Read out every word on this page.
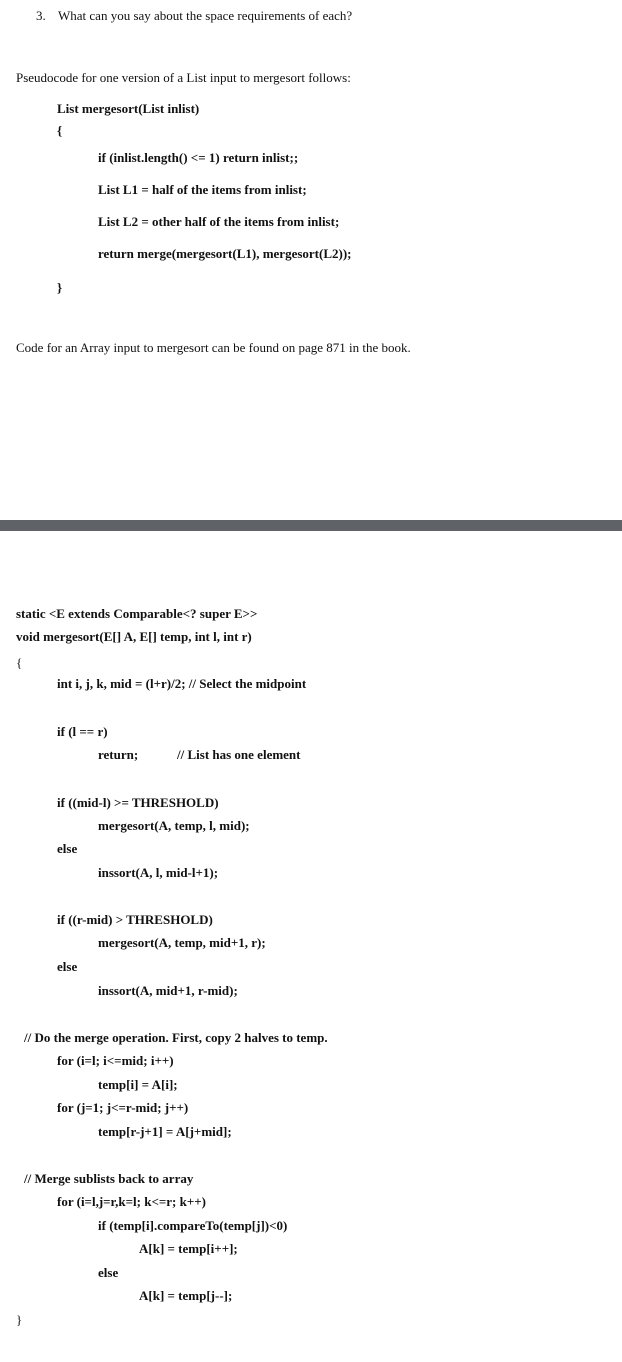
3. What can you say about the space requirements of each?
Pseudocode for one version of a List input to mergesort follows:
List mergesort(List inlist)
{
if (inlist.length() <= 1) return inlist;;
List L1 = half of the items from inlist;
List L2 = other half of the items from inlist;
return merge(mergesort(L1), mergesort(L2));
}
Code for an Array input to mergesort can be found on page 871 in the book.
static <E extends Comparable<? super E>>
void mergesort(E[] A, E[] temp, int l, int r)
{
int i, j, k, mid = (l+r)/2; // Select the midpoint
if (l == r)
return;	// List has one element
if ((mid-l) >= THRESHOLD)
mergesort(A, temp, l, mid);
else
inssort(A, l, mid-l+1);
if ((r-mid) > THRESHOLD)
mergesort(A, temp, mid+1, r);
else
inssort(A, mid+1, r-mid);
// Do the merge operation. First, copy 2 halves to temp.
for (i=l; i<=mid; i++)
temp[i] = A[i];
for (j=1; j<=r-mid; j++)
temp[r-j+1] = A[j+mid];
// Merge sublists back to array
for (i=l,j=r,k=l; k<=r; k++)
if (temp[i].compareTo(temp[j])<0)
A[k] = temp[i++];
else
A[k] = temp[j--];
}
